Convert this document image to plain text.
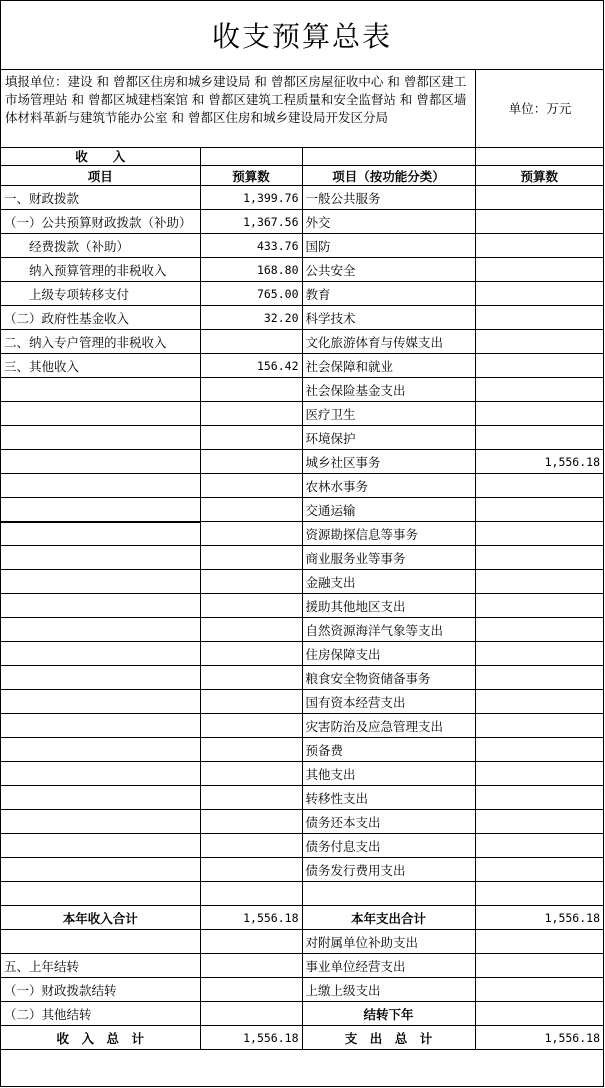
收支预算总表
填报单位：建设 和 曾都区住房和城乡建设局 和 曾都区房屋征收中心 和 曾都区建工市场管理站 和 曾都区城建档案馆 和 曾都区建筑工程质量和安全监督站 和 曾都区墙体材料革新与建筑节能办公室 和 曾都区住房和城乡建设局开发区分局
单位：万元
收　　入			
项目	预算数	项目（按功能分类）	预算数
一、财政拨款	1,399.76	一般公共服务	
（一）公共预算财政拨款（补助）	1,367.56	外交	
　　经费拨款（补助）	433.76	国防	
　　纳入预算管理的非税收入	168.80	公共安全	
　　上级专项转移支付	765.00	教育	
（二）政府性基金收入	32.20	科学技术	
二、纳入专户管理的非税收入		文化旅游体育与传媒支出	
三、其他收入	156.42	社会保障和就业	
		社会保险基金支出	
		医疗卫生	
		环境保护	
		城乡社区事务	1,556.18
		农林水事务	
		交通运输	
		资源勘探信息等事务	
		商业服务业等事务	
		金融支出	
		援助其他地区支出	
		自然资源海洋气象等支出	
		住房保障支出	
		粮食安全物资储备事务	
		国有资本经营支出	
		灾害防治及应急管理支出	
		预备费	
		其他支出	
		转移性支出	
		债务还本支出	
		债务付息支出	
		债务发行费用支出	

本年收入合计	1,556.18	本年支出合计	1,556.18
		对附属单位补助支出	
五、上年结转		事业单位经营支出	
（一）财政拨款结转		上缴上级支出	
（二）其他结转		结转下年	
收　入　总　计	1,556.18	支　出　总　计	1,556.18
